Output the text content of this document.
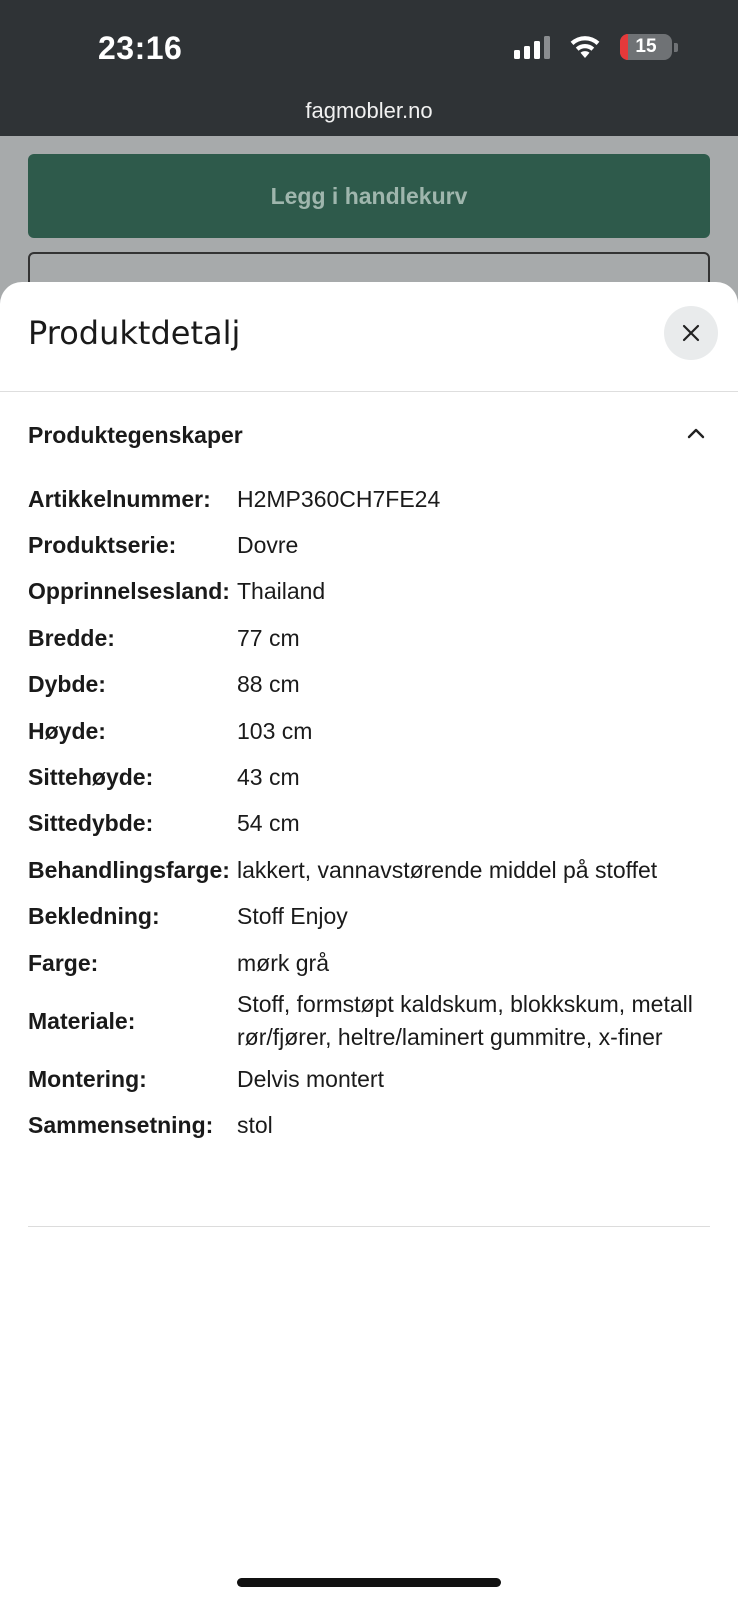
23:16	15
fagmobler.no
Legg i handlekurv
Produktdetalj
Produktegenskaper
Artikkelnummer:	H2MP360CH7FE24
Produktserie:	Dovre
Opprinnelsesland: Thailand
Bredde:	77 cm
Dybde:	88 cm
Høyde:	103 cm
Sittehøyde:	43 cm
Sittedybde:	54 cm
Behandlingsfarge: lakkert, vannavstørende middel på stoffet
Bekledning:	Stoff Enjoy
Farge:	mørk grå
Materiale:
Stoff, formstøpt kaldskum, blokkskum, metall rør/fjører, heltre/laminert gummitre, x-finer
Montering:	Delvis montert
Sammensetning:	stol
